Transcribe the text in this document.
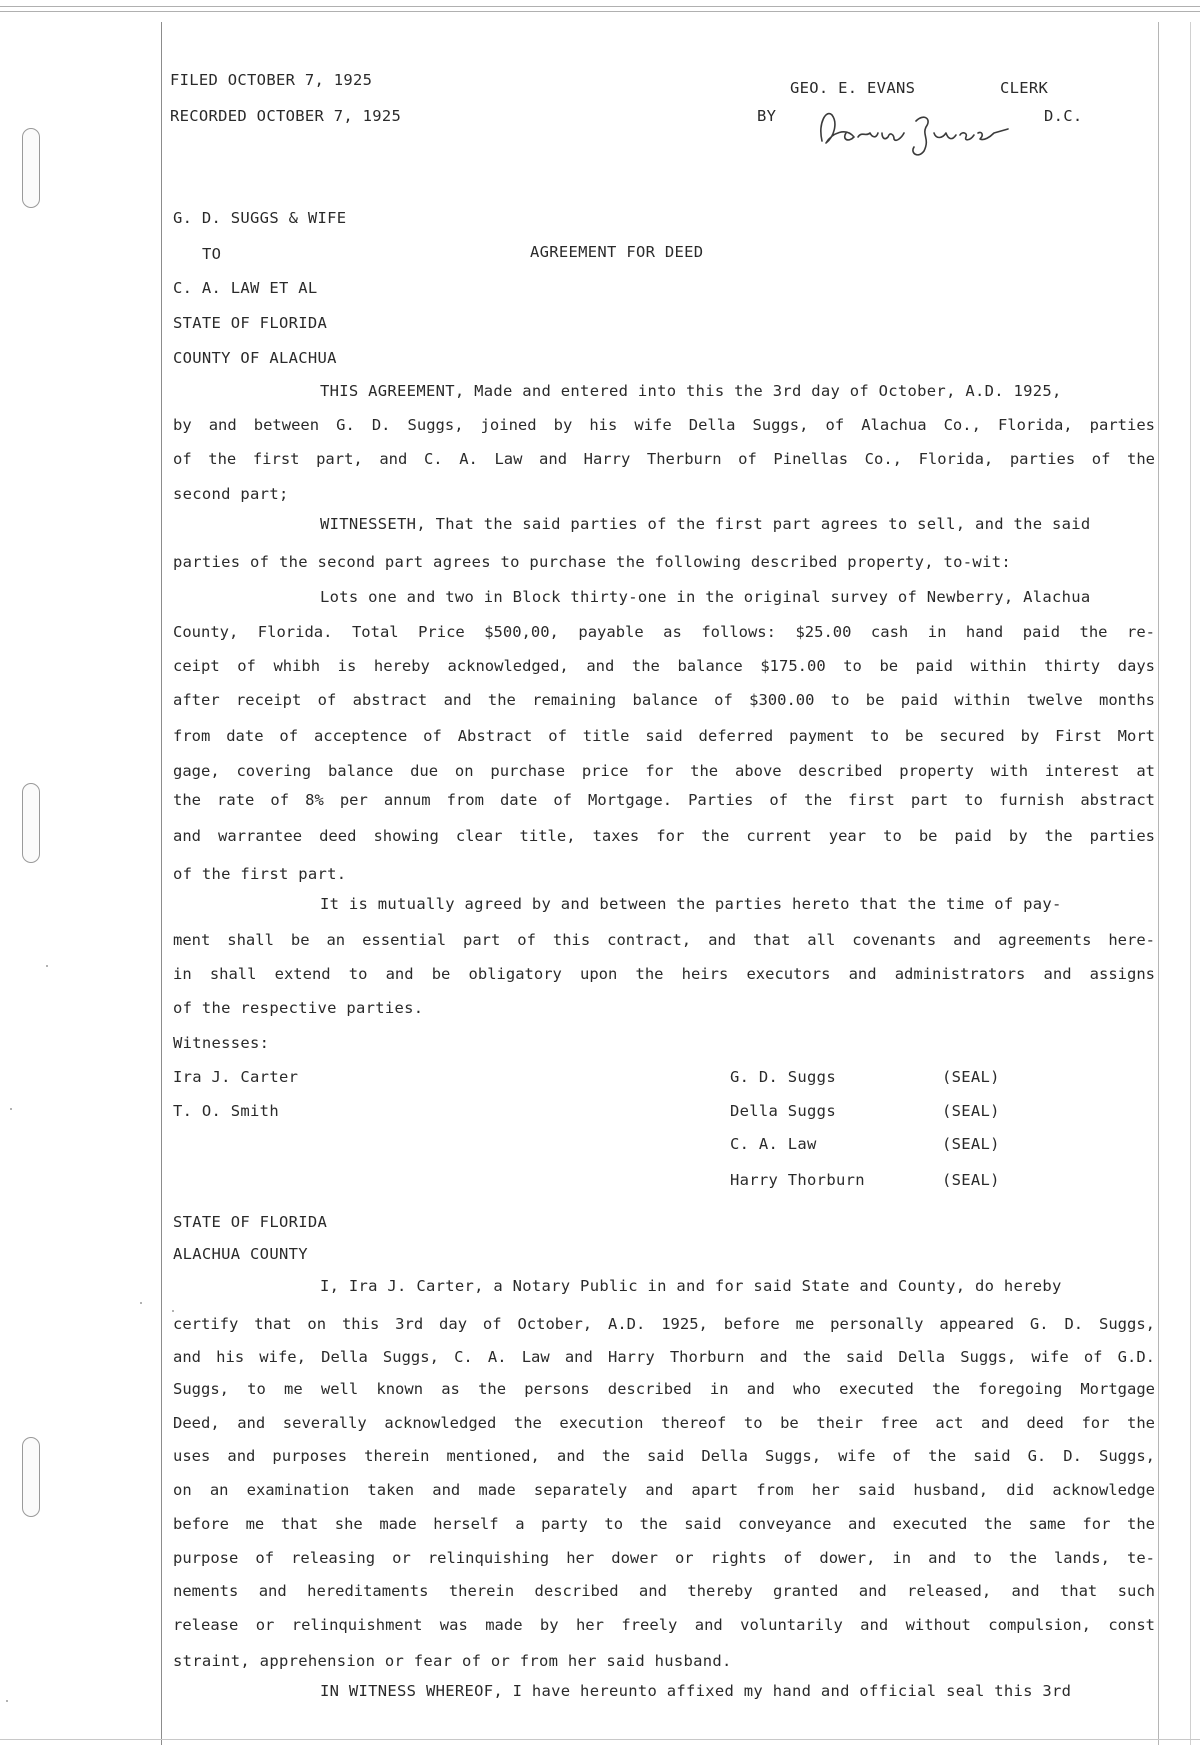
FILED OCTOBER 7, 1925
RECORDED OCTOBER 7, 1925
GEO. E. EVANS	CLERK
BY	D.C.
G. D. SUGGS & WIFE
TO	AGREEMENT FOR DEED
C. A. LAW ET AL
STATE OF FLORIDA
COUNTY OF ALACHUA
THIS AGREEMENT, Made and entered into this the 3rd day of October, A.D. 1925,
by and between G. D. Suggs, joined by his wife Della Suggs, of Alachua Co., Florida, parties
of the first part, and C. A. Law and Harry Therburn of Pinellas Co., Florida, parties of the
second part;
WITNESSETH, That the said parties of the first part agrees to sell, and the said
parties of the second part agrees to purchase the following described property, to-wit:
Lots one and two in Block thirty-one in the original survey of Newberry, Alachua
County, Florida. Total Price $500,00, payable as follows: $25.00 cash in hand paid the re-
ceipt of whibh is hereby acknowledged, and the balance $175.00 to be paid within thirty days
after receipt of abstract and the remaining balance of $300.00 to be paid within twelve months
from date of acceptence of Abstract of title said deferred payment to be secured by First Mort
gage, covering balance due on purchase price for the above described property with interest at
the rate of 8% per annum from date of Mortgage. Parties of the first part to furnish abstract
and warrantee deed showing clear title, taxes for the current year to be paid by the parties
of the first part.
It is mutually agreed by and between the parties hereto that the time of pay-
ment shall be an essential part of this contract, and that all covenants and agreements here-
in shall extend to and be obligatory upon the heirs executors and administrators and assigns
of the respective parties.
Witnesses:
Ira J. Carter
T. O. Smith
G. D. Suggs	(SEAL)
Della Suggs	(SEAL)
C. A. Law	(SEAL)
Harry Thorburn	(SEAL)
STATE OF FLORIDA
ALACHUA COUNTY
I, Ira J. Carter, a Notary Public in and for said State and County, do hereby
certify that on this 3rd day of October, A.D. 1925, before me personally appeared G. D. Suggs,
and his wife, Della Suggs, C. A. Law and Harry Thorburn and the said Della Suggs, wife of G.D.
Suggs, to me well known as the persons described in and who executed the foregoing Mortgage
Deed, and severally acknowledged the execution thereof to be their free act and deed for the
uses and purposes therein mentioned, and the said Della Suggs, wife of the said G. D. Suggs,
on an examination taken and made separately and apart from her said husband, did acknowledge
before me that she made herself a party to the said conveyance and executed the same for the
purpose of releasing or relinquishing her dower or rights of dower, in and to the lands, te-
nements and hereditaments therein described and thereby granted and released, and that such
release or relinquishment was made by her freely and voluntarily and without compulsion, const
straint, apprehension or fear of or from her said husband.
IN WITNESS WHEREOF, I have hereunto affixed my hand and official seal this 3rd
